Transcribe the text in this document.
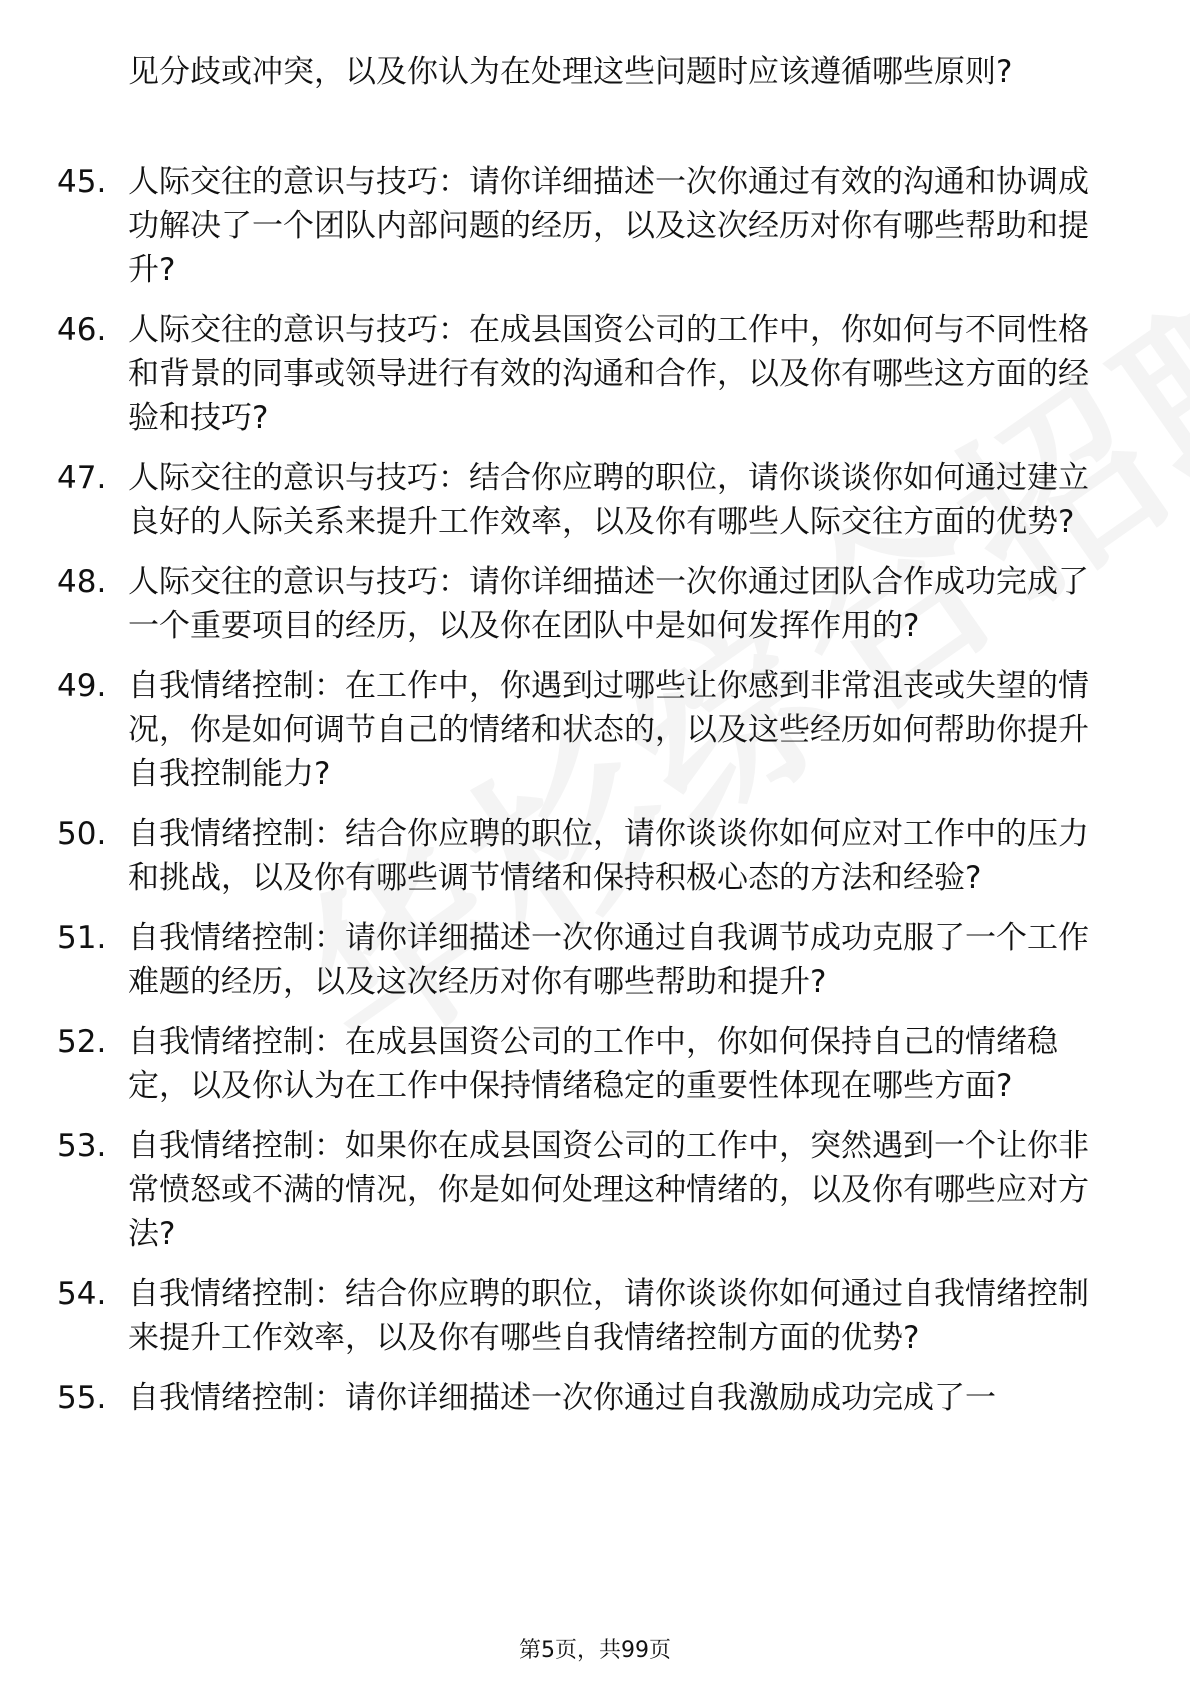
见分歧或冲突，以及你认为在处理这些问题时应该遵循哪些原则?

45. 人际交往的意识与技巧：请你详细描述一次你通过有效的沟通和协调成功解决了一个团队内部问题的经历，以及这次经历对你有哪些帮助和提升?
46. 人际交往的意识与技巧：在成县国资公司的工作中，你如何与不同性格和背景的同事或领导进行有效的沟通和合作，以及你有哪些这方面的经验和技巧?
47. 人际交往的意识与技巧：结合你应聘的职位，请你谈谈你如何通过建立良好的人际关系来提升工作效率，以及你有哪些人际交往方面的优势?
48. 人际交往的意识与技巧：请你详细描述一次你通过团队合作成功完成了一个重要项目的经历，以及你在团队中是如何发挥作用的?
49. 自我情绪控制：在工作中，你遇到过哪些让你感到非常沮丧或失望的情况，你是如何调节自己的情绪和状态的，以及这些经历如何帮助你提升自我控制能力?
50. 自我情绪控制：结合你应聘的职位，请你谈谈你如何应对工作中的压力和挑战，以及你有哪些调节情绪和保持积极心态的方法和经验?
51. 自我情绪控制：请你详细描述一次你通过自我调节成功克服了一个工作难题的经历，以及这次经历对你有哪些帮助和提升?
52. 自我情绪控制：在成县国资公司的工作中，你如何保持自己的情绪稳定，以及你认为在工作中保持情绪稳定的重要性体现在哪些方面?
53. 自我情绪控制：如果你在成县国资公司的工作中，突然遇到一个让你非常愤怒或不满的情况，你是如何处理这种情绪的，以及你有哪些应对方法?
54. 自我情绪控制：结合你应聘的职位，请你谈谈你如何通过自我情绪控制来提升工作效率，以及你有哪些自我情绪控制方面的优势?
55. 自我情绪控制：请你详细描述一次你通过自我激励成功完成了一
第5页，共99页
